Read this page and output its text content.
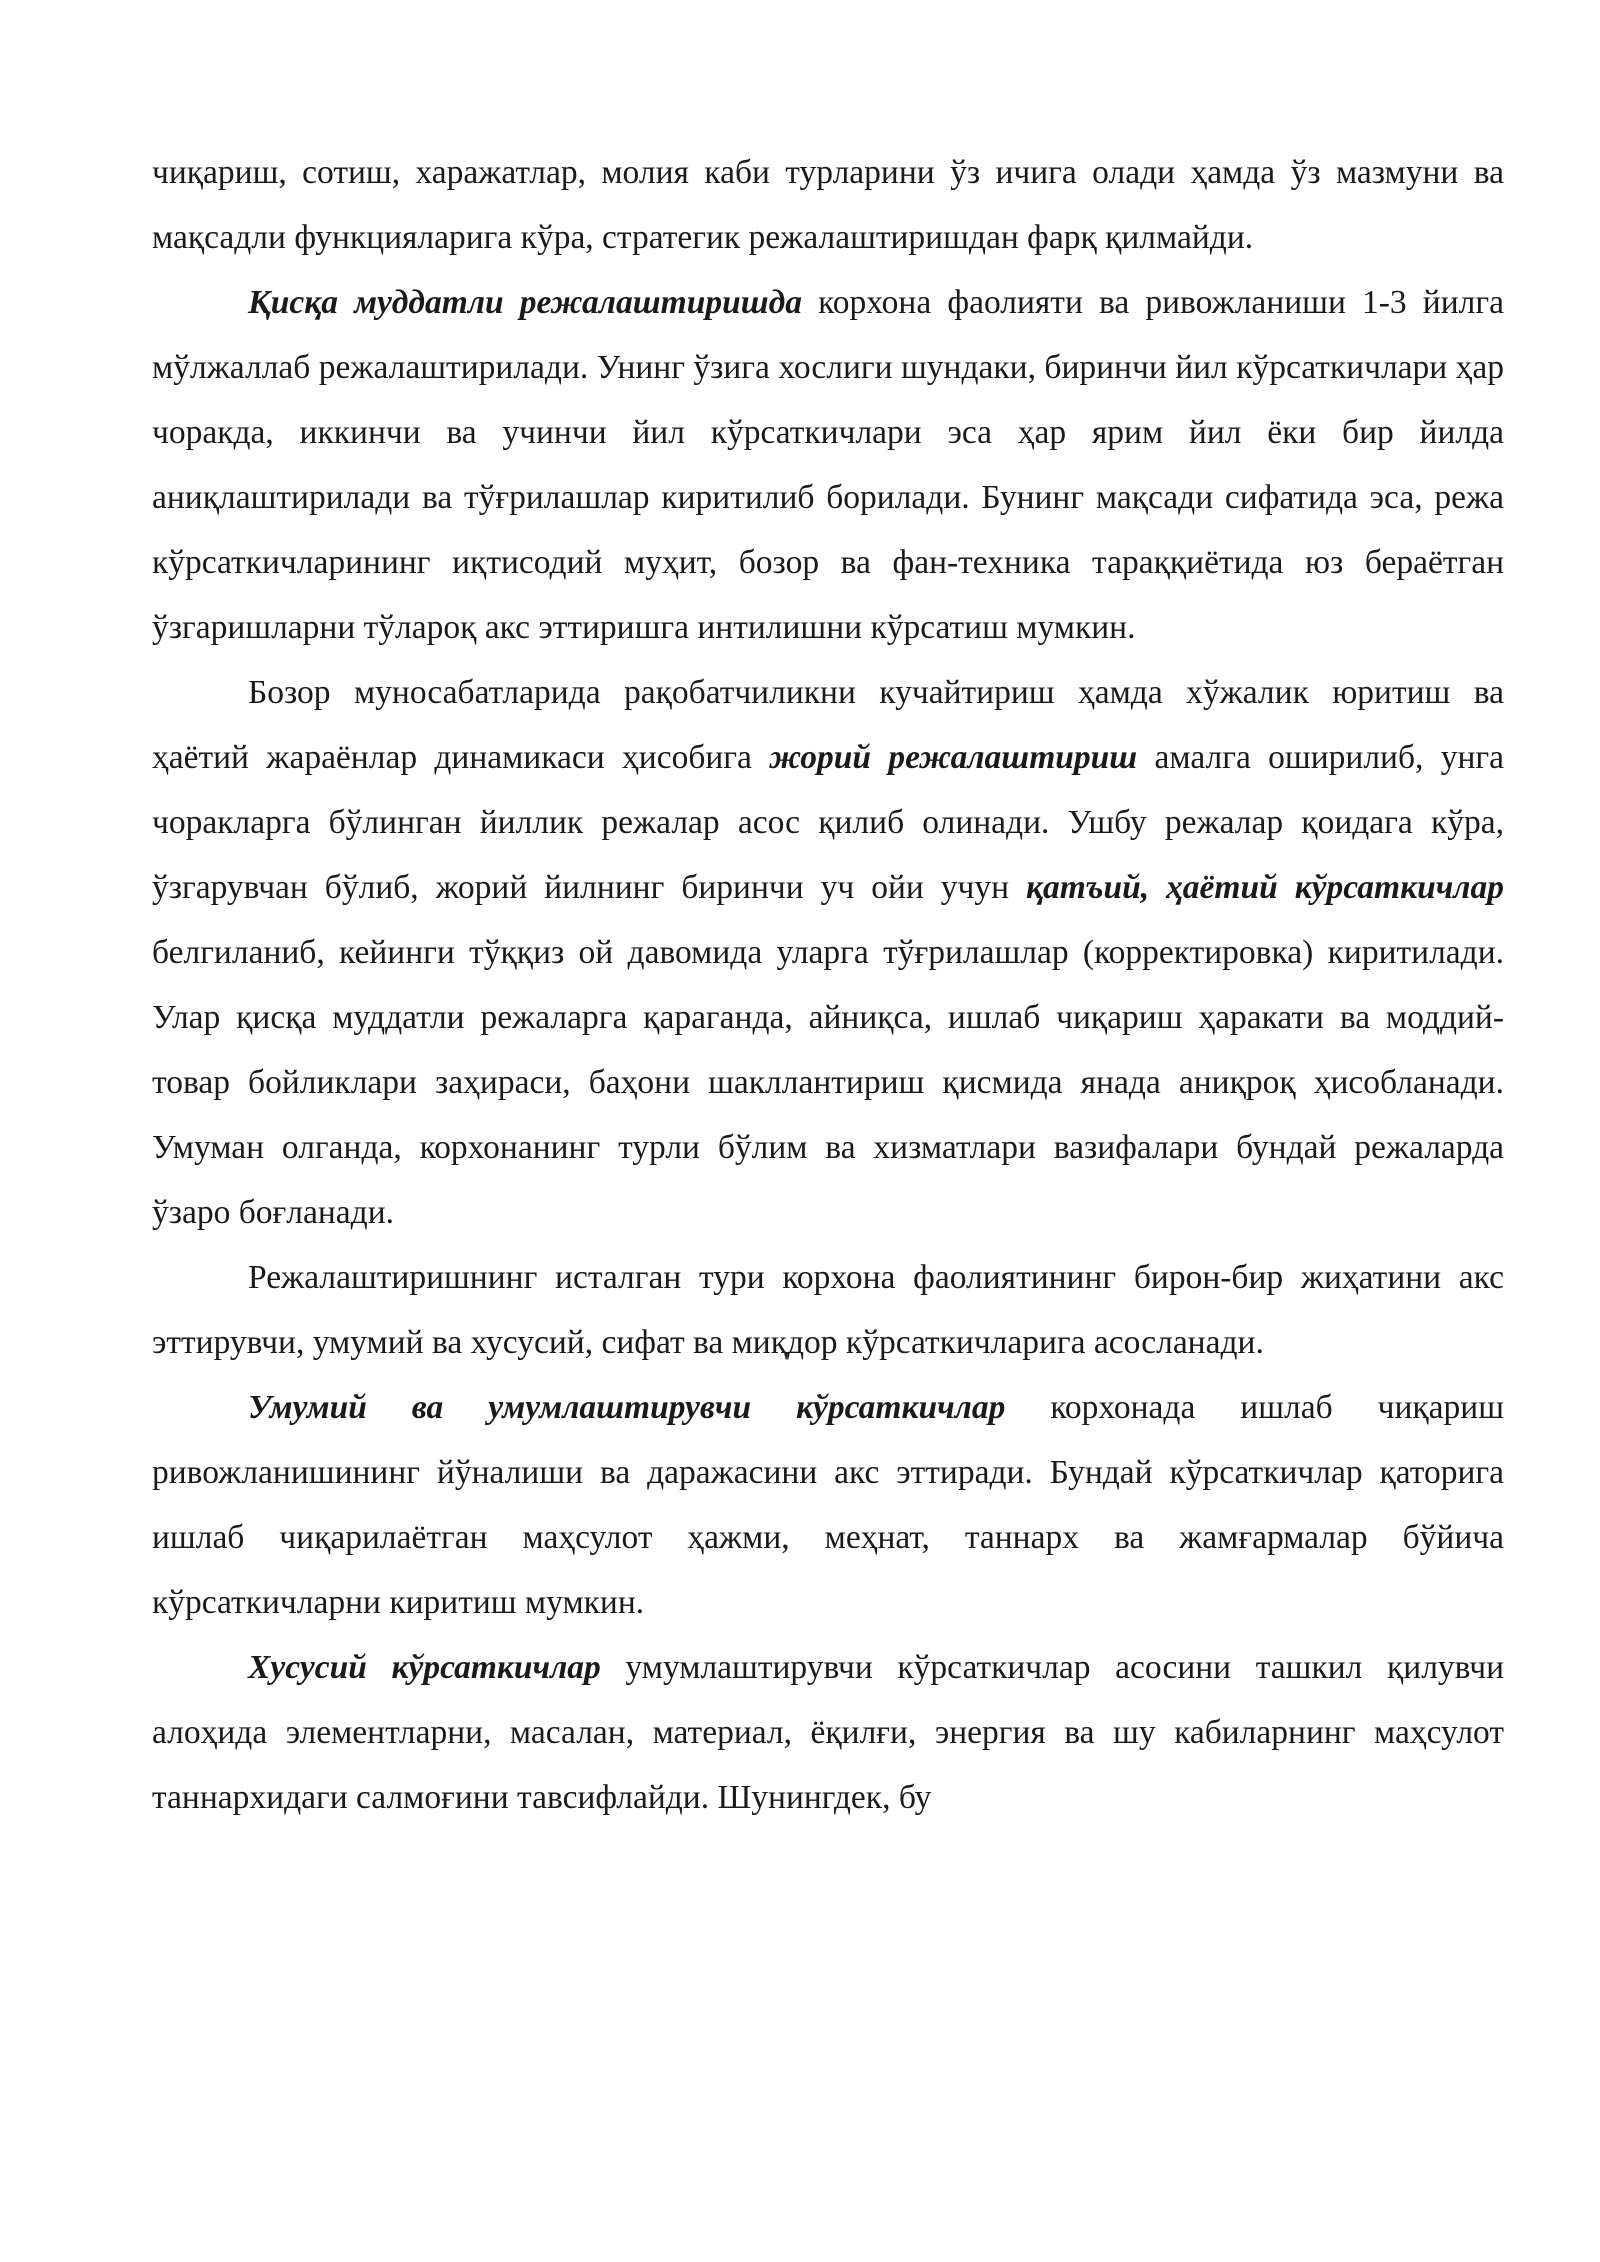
чиқариш, сотиш, харажатлар, молия каби турларини ўз ичига олади ҳамда ўз мазмуни ва мақсадли функцияларига кўра, стратегик режалаштиришдан фарқ қилмайди.

Қисқа муддатли режалаштиришда корхона фаолияти ва ривожланиши 1-3 йилга мўлжаллаб режалаштирилади. Унинг ўзига хослиги шундаки, биринчи йил кўрсаткичлари ҳар чоракда, иккинчи ва учинчи йил кўрсаткичлари эса ҳар ярим йил ёки бир йилда аниқлаштирилади ва тўғрилашлар киритилиб борилади. Бунинг мақсади сифатида эса, режа кўрсаткичларининг иқтисодий муҳит, бозор ва фан-техника тараққиётида юз бераётган ўзгаришларни тўлароқ акс эттиришга интилишни кўрсатиш мумкин.

Бозор муносабатларида рақобатчиликни кучайтириш ҳамда хўжалик юритиш ва ҳаётий жараёнлар динамикаси ҳисобига жорий режалаштириш амалга оширилиб, унга чоракларга бўлинган йиллик режалар асос қилиб олинади. Ушбу режалар қоидага кўра, ўзгарувчан бўлиб, жорий йилнинг биринчи уч ойи учун қатъий, ҳаётий кўрсаткичлар белгиланиб, кейинги тўққиз ой давомида уларга тўғрилашлар (корректировка) киритилади. Улар қисқа муддатли режаларга қараганда, айниқса, ишлаб чиқариш ҳаракати ва моддий-товар бойликлари заҳираси, баҳони шакллантириш қисмида янада аниқроқ ҳисобланади. Умуман олганда, корхонанинг турли бўлим ва хизматлари вазифалари бундай режаларда ўзаро боғланади.

Режалаштиришнинг исталган тури корхона фаолиятининг бирон-бир жиҳатини акс эттирувчи, умумий ва хусусий, сифат ва миқдор кўрсаткичларига асосланади.

Умумий ва умумлаштирувчи кўрсаткичлар корхонада ишлаб чиқариш ривожланишининг йўналиши ва даражасини акс эттиради. Бундай кўрсаткичлар қаторига ишлаб чиқарилаётган маҳсулот ҳажми, меҳнат, таннарх ва жамғармалар бўйича кўрсаткичларни киритиш мумкин.

Хусусий кўрсаткичлар умумлаштирувчи кўрсаткичлар асосини ташкил қилувчи алоҳида элементларни, масалан, материал, ёқилғи, энергия ва шу кабиларнинг маҳсулот таннархидаги салмоғини тавсифлайди. Шунингдек, бу
